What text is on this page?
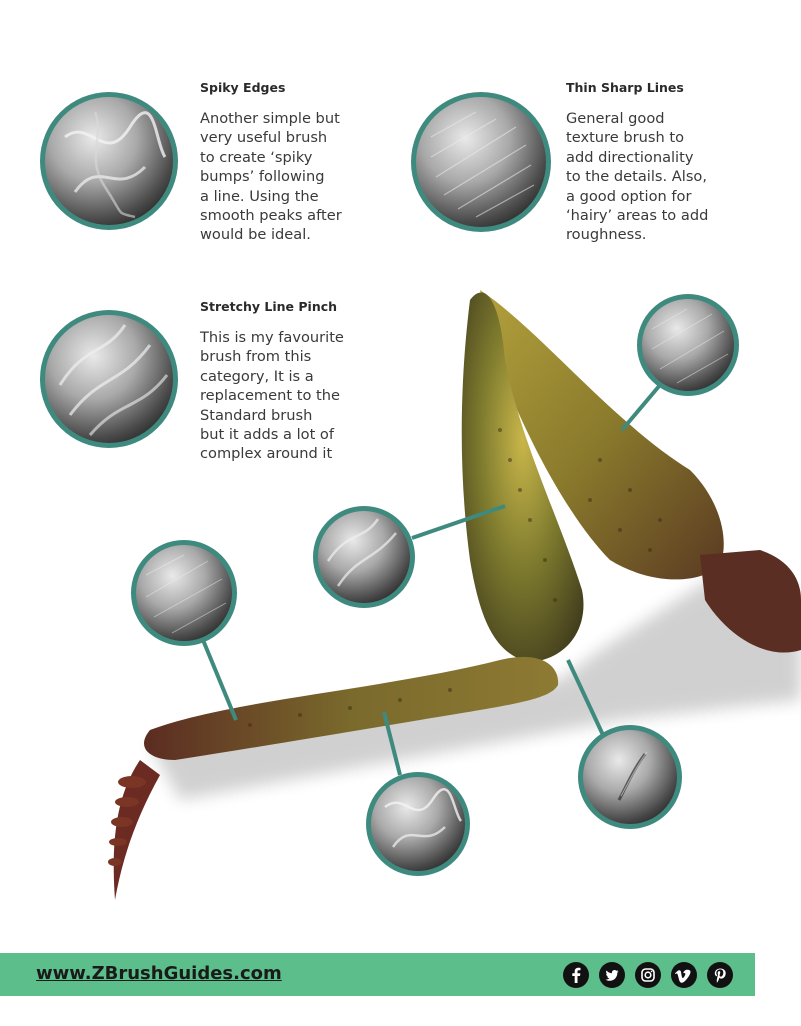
Spiky Edges
Another simple but
very useful brush
to create ‘spiky
bumps’ following
a line. Using the
smooth peaks after
would be ideal.
Thin Sharp Lines
General good
texture brush to
add directionality
to the details. Also,
a good option for
‘hairy’ areas to add
roughness.
Stretchy Line Pinch
This is my favourite
brush from this
category, It is a
replacement to the
Standard brush
but it adds a lot of
complex around it
www.ZBrushGuides.com
